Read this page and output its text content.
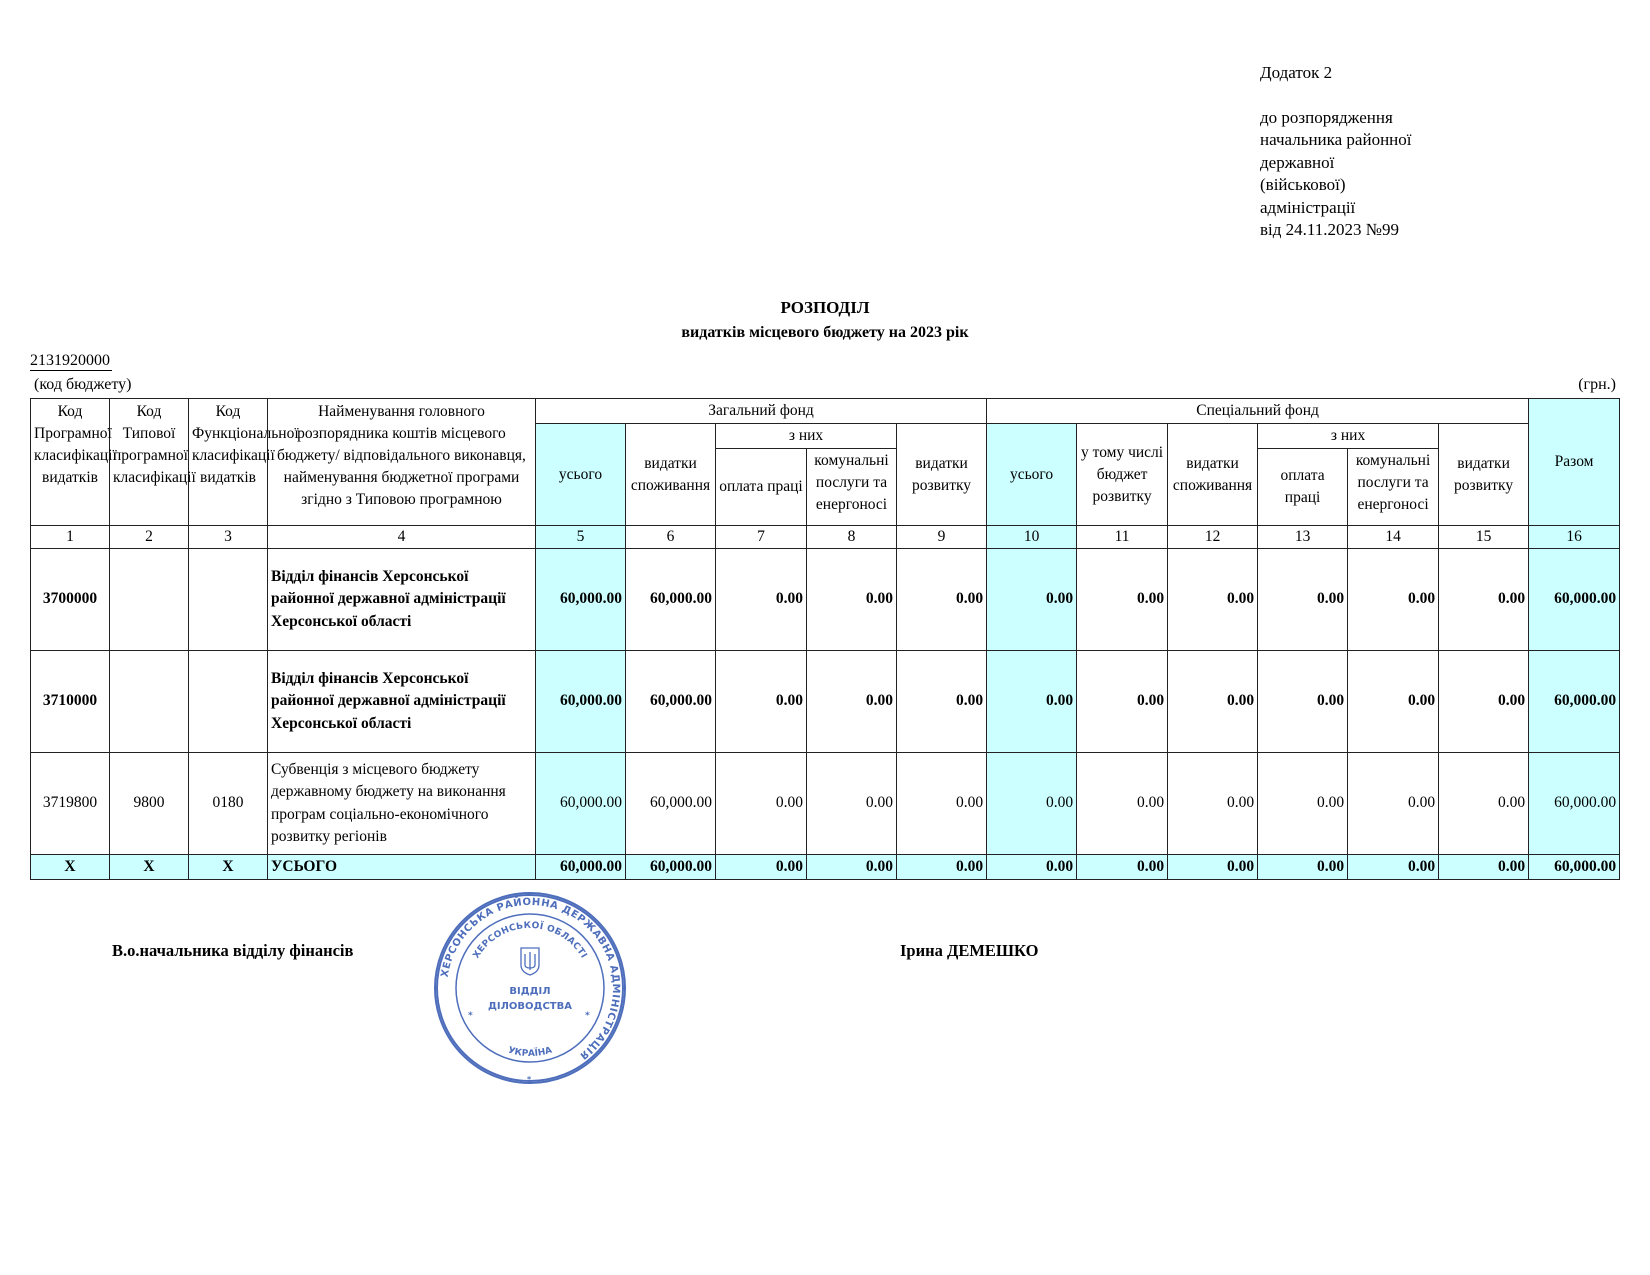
Додаток 2
до розпорядження
начальника районної
державної
(військової)
адміністрації
від 24.11.2023 №99
РОЗПОДІЛ
видатків місцевого бюджету на 2023 рік
2131920000
(код бюджету)	(грн.)
Код Програмної класифікації видатків	Код Типової програмної класифікації	Код Функціональної класифікації видатків	Найменування головного розпорядника коштів місцевого бюджету/ відповідального виконавця, найменування бюджетної програми згідно з Типовою програмною	Загальний фонд					Спеціальний фонд						Разом
				усього	видатки споживання	з них		видатки розвитку	усього	у тому числі бюджет розвитку	видатки споживання	з них		видатки розвитку	
						оплата праці	комунальні послуги та енергоносі					оплата праці	комунальні послуги та енергоносі		

1	2	3	4	5	6	7	8	9	10	11	12	13	14	15	16
3700000			Відділ фінансів Херсонської районної державної адміністрації Херсонської області	60,000.00	60,000.00	0.00	0.00	0.00	0.00	0.00	0.00	0.00	0.00	0.00	60,000.00
3710000			Відділ фінансів Херсонської районної державної адміністрації Херсонської області	60,000.00	60,000.00	0.00	0.00	0.00	0.00	0.00	0.00	0.00	0.00	0.00	60,000.00
3719800	9800	0180	Субвенція з місцевого бюджету державному бюджету на виконання програм соціально-економічного розвитку регіонів	60,000.00	60,000.00	0.00	0.00	0.00	0.00	0.00	0.00	0.00	0.00	0.00	60,000.00
X	X	X	УСЬОГО	60,000.00	60,000.00	0.00	0.00	0.00	0.00	0.00	0.00	0.00	0.00	0.00	60,000.00
В.о.начальника відділу фінансів	Ірина ДЕМЕШКО
ХЕРСОНСЬКА РАЙОННА ДЕРЖАВНА АДМІНІСТРАЦІЯ
ХЕРСОНСЬКОЇ ОБЛАСТІ
УКРАЇНА
ВІДДІЛ
ДІЛОВОДСТВА
*	*
*
